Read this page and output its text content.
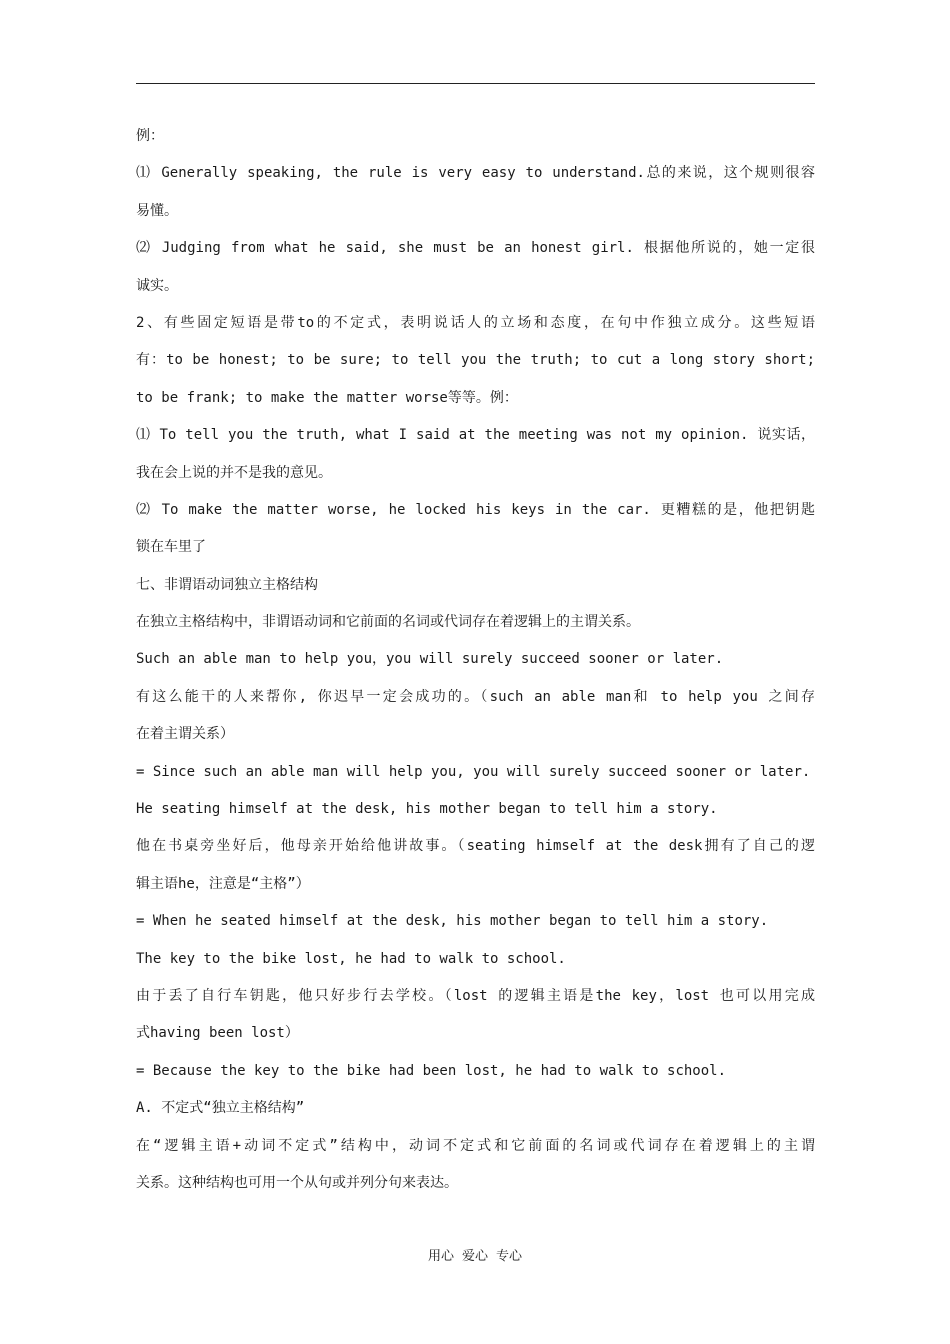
例：
⑴ Generally speaking, the rule is very easy to understand.总的来说，这个规则很容
易懂。
⑵ Judging from what he said, she must be an honest girl. 根据他所说的，她一定很
诚实。
2、有些固定短语是带to的不定式，表明说话人的立场和态度，在句中作独立成分。这些短语
有：to be honest; to be sure; to tell you the truth; to cut a long story short;
to be frank; to make the matter worse等等。例：
⑴ To tell you the truth, what I said at the meeting was not my opinion. 说实话，
我在会上说的并不是我的意见。
⑵ To make the matter worse, he locked his keys in the car. 更糟糕的是，他把钥匙
锁在车里了
七、非谓语动词独立主格结构
在独立主格结构中，非谓语动词和它前面的名词或代词存在着逻辑上的主谓关系。
Such an able man to help you，you will surely succeed sooner or later.
有这么能干的人来帮你, 你迟早一定会成功的。（such an able man和 to help you 之间存
在着主谓关系）
= Since such an able man will help you, you will surely succeed sooner or later.
He seating himself at the desk, his mother began to tell him a story.
他在书桌旁坐好后，他母亲开始给他讲故事。（seating himself at the desk拥有了自己的逻
辑主语he，注意是“主格”）
= When he seated himself at the desk, his mother began to tell him a story.
The key to the bike lost, he had to walk to school.
由于丢了自行车钥匙，他只好步行去学校。（lost 的逻辑主语是the key，lost 也可以用完成
式having been lost）
= Because the key to the bike had been lost, he had to walk to school.
A. 不定式“独立主格结构”
在“逻辑主语+动词不定式”结构中，动词不定式和它前面的名词或代词存在着逻辑上的主谓
关系。这种结构也可用一个从句或并列分句来表达。
用心 爱心 专心
